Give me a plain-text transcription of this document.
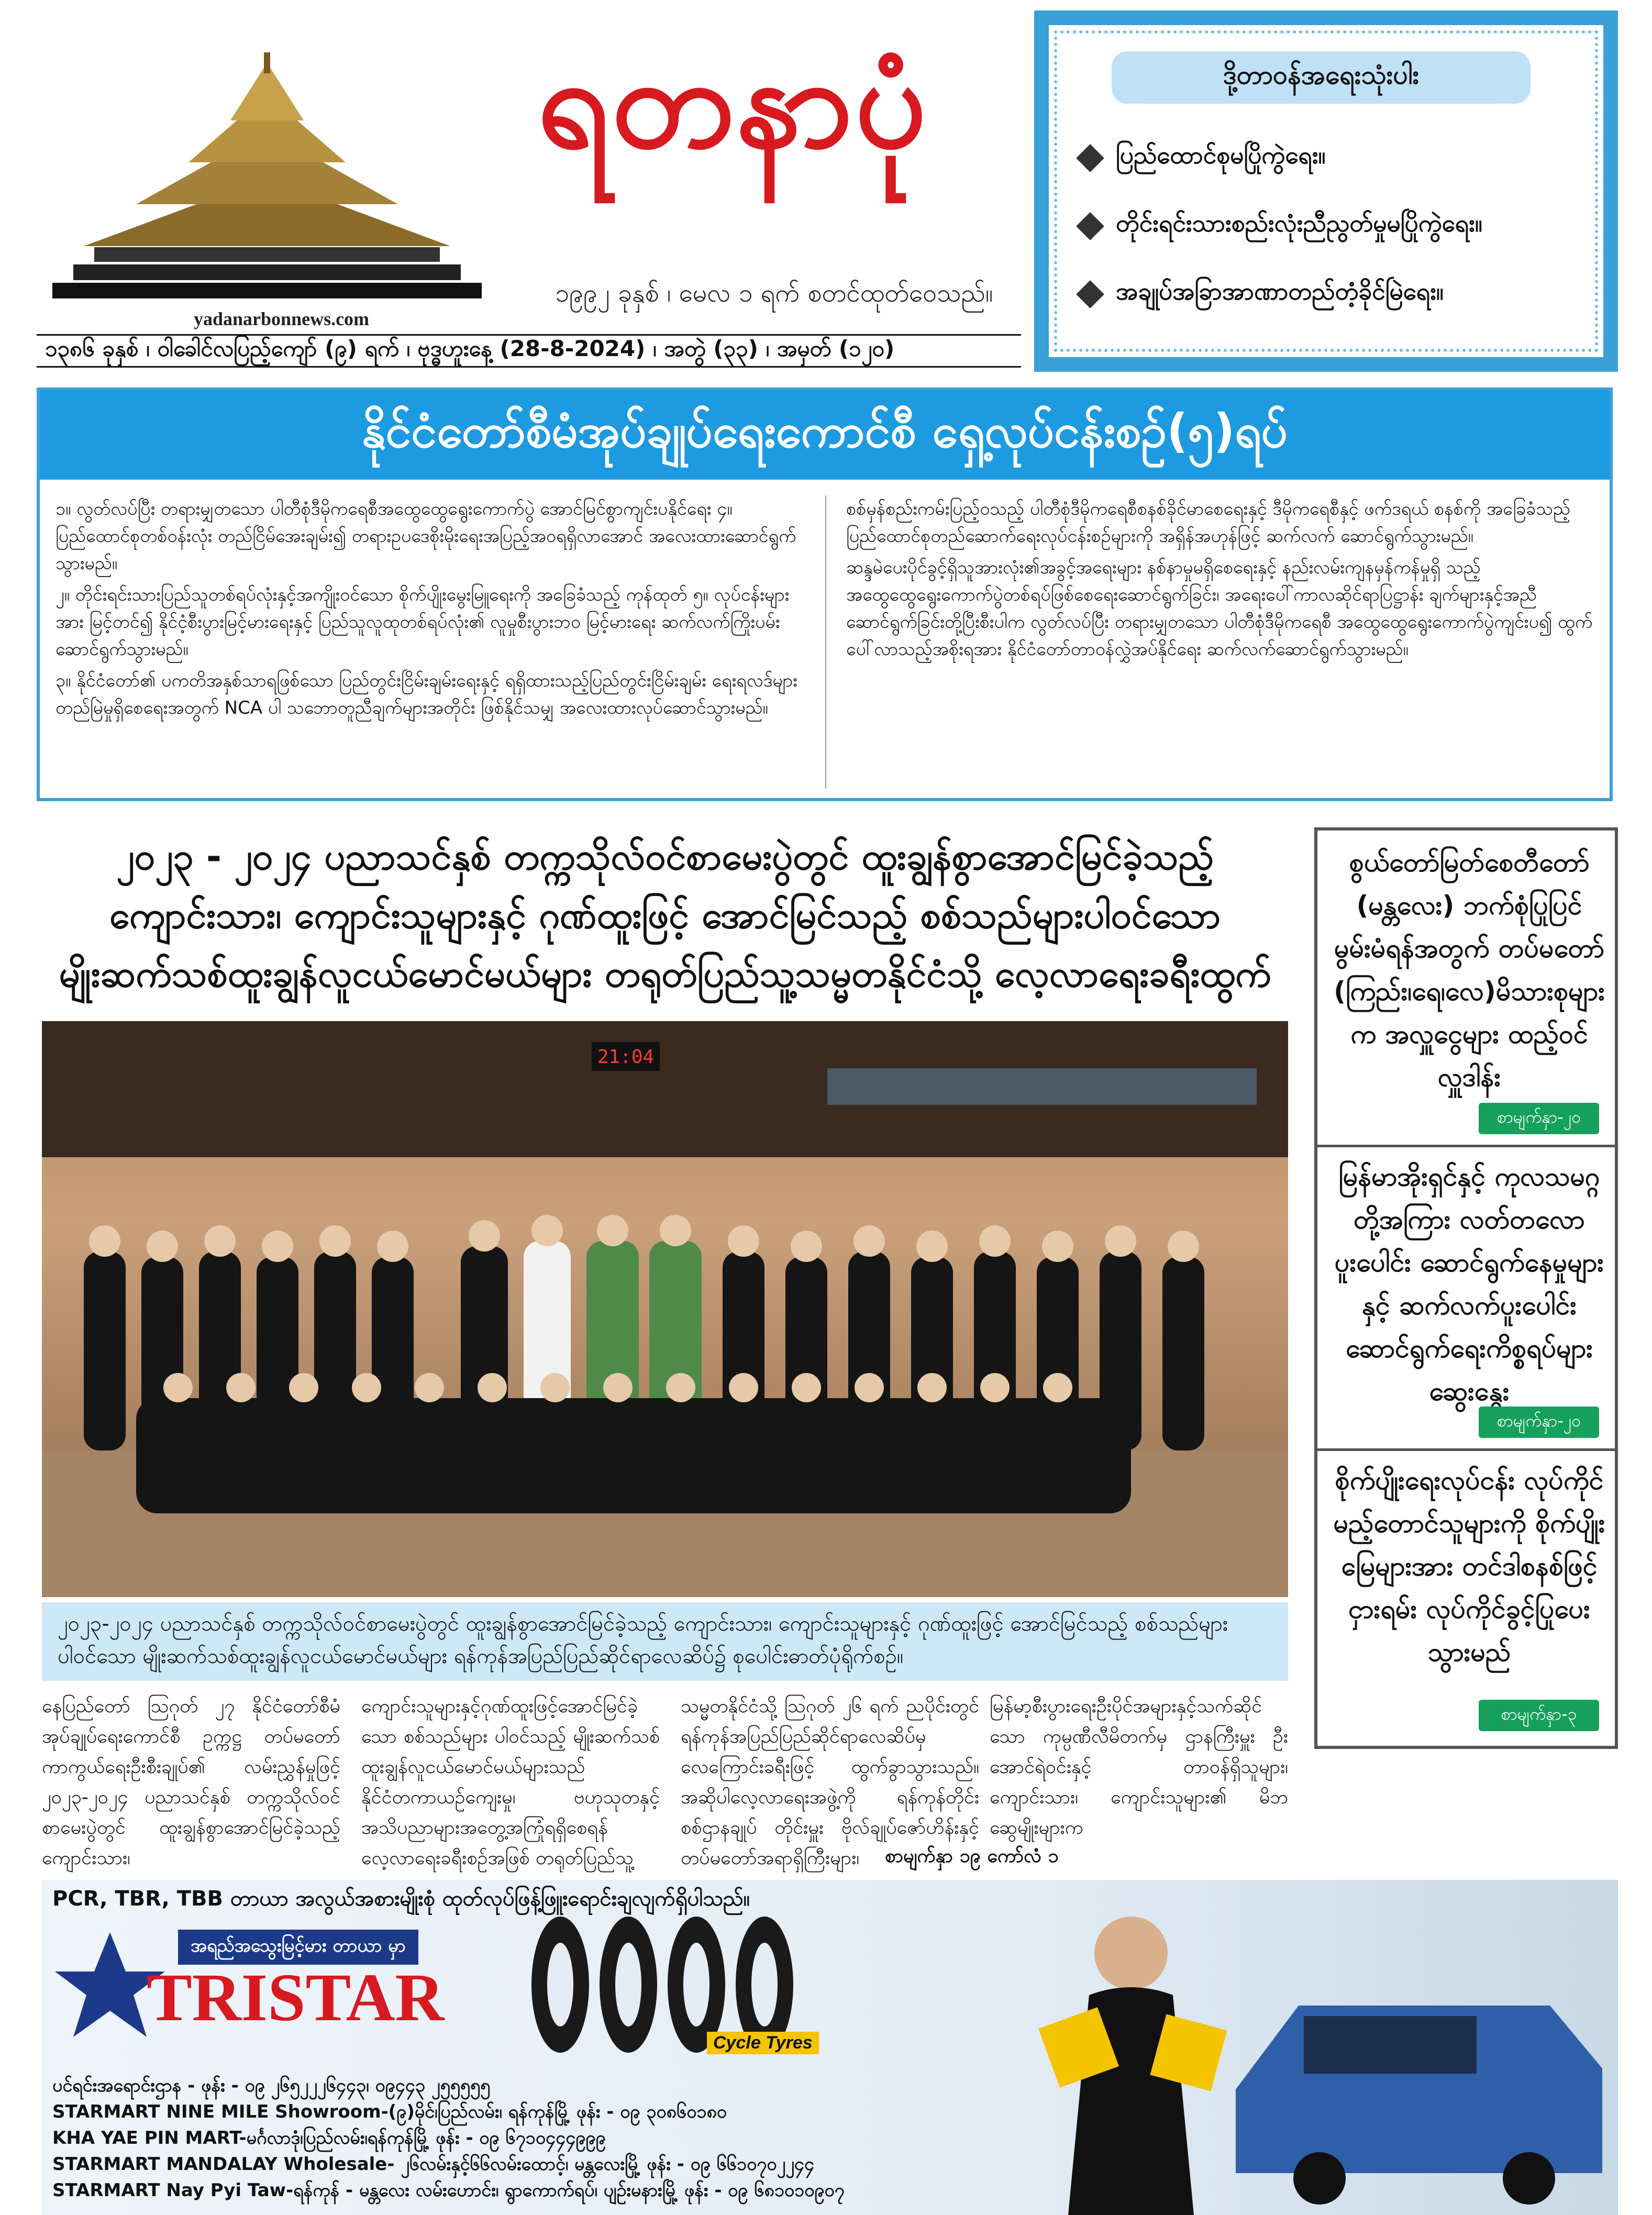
ရတနာပုံ
၁၉၉၂ ခုနှစ် ၊ မေလ ၁ ရက် စတင်ထုတ်ဝေသည်။
yadanarbonnews.com
၁၃၈၆ ခုနှစ် ၊ ဝါခေါင်လပြည့်ကျော် (၉) ရက် ၊ ဗုဒ္ဓဟူးနေ့ (28-8-2024) ၊ အတွဲ (၃၃) ၊ အမှတ် (၁၂၀)
ဒို့တာဝန်အရေးသုံးပါး
ပြည်ထောင်စုမပြိုကွဲရေး။
တိုင်းရင်းသားစည်းလုံးညီညွတ်မှုမပြိုကွဲရေး။
အချုပ်အခြာအာဏာတည်တံ့ခိုင်မြဲရေး။
နိုင်ငံတော်စီမံအုပ်ချုပ်ရေးကောင်စီ ရှေ့လုပ်ငန်းစဉ်(၅)ရပ်

၁။ လွတ်လပ်ပြီး တရားမျှတသော ပါတီစုံဒီမိုကရေစီအထွေထွေရွေးကောက်ပွဲ အောင်မြင်စွာကျင်းပနိုင်ရေး ၄။ ပြည်ထောင်စုတစ်ဝန်းလုံး တည်ငြိမ်အေးချမ်း၍ တရားဥပဒေစိုးမိုးရေးအပြည့်အဝရရှိလာအောင် အလေးထားဆောင်ရွက်သွားမည်။

၂။ တိုင်းရင်းသားပြည်သူတစ်ရပ်လုံးနှင့်အကျိုးဝင်သော စိုက်ပျိုးမွေးမြူရေးကို အခြေခံသည့် ကုန်ထုတ် ၅။ လုပ်ငန်းများအား မြင့်တင်၍ နိုင်ငံ့စီးပွားမြင့်မားရေးနှင့် ပြည်သူလူထုတစ်ရပ်လုံး၏ လူမှုစီးပွားဘဝ မြင့်မားရေး ဆက်လက်ကြိုးပမ်းဆောင်ရွက်သွားမည်။

၃။ နိုင်ငံတော်၏ ပကတိအနှစ်သာရဖြစ်သော ပြည်တွင်းငြိမ်းချမ်းရေးနှင့် ရရှိထားသည့်ပြည်တွင်းငြိမ်းချမ်း ရေးရလဒ်များ တည်မြဲမှုရှိစေရေးအတွက် NCA ပါ သဘောတူညီချက်များအတိုင်း ဖြစ်နိုင်သမျှ အလေးထားလုပ်ဆောင်သွားမည်။

စစ်မှန်စည်းကမ်းပြည့်ဝသည့် ပါတီစုံဒီမိုကရေစီစနစ်ခိုင်မာစေရေးနှင့် ဒီမိုကရေစီနှင့် ဖက်ဒရယ် စနစ်ကို အခြေခံသည့် ပြည်ထောင်စုတည်ဆောက်ရေးလုပ်ငန်းစဉ်များကို အရှိန်အဟုန်ဖြင့် ဆက်လက် ဆောင်ရွက်သွားမည်။

ဆန္ဒမဲပေးပိုင်ခွင့်ရှိသူအားလုံး၏အခွင့်အရေးများ နစ်နာမှုမရှိစေရေးနှင့် နည်းလမ်းကျနမှန်ကန်မှုရှိ သည့် အထွေထွေရွေးကောက်ပွဲတစ်ရပ်ဖြစ်စေရေးဆောင်ရွက်ခြင်း၊ အရေးပေါ်ကာလဆိုင်ရာပြဋ္ဌာန်း ချက်များနှင့်အညီ ဆောင်ရွက်ခြင်းတို့ပြီးစီးပါက လွတ်လပ်ပြီး တရားမျှတသော ပါတီစုံဒီမိုကရေစီ အထွေထွေရွေးကောက်ပွဲကျင်းပ၍ ထွက်ပေါ်လာသည့်အစိုးရအား နိုင်ငံတော်တာဝန်လွှဲအပ်နိုင်ရေး ဆက်လက်ဆောင်ရွက်သွားမည်။

၂၀၂၃ - ၂၀၂၄ ပညာသင်နှစ် တက္ကသိုလ်ဝင်စာမေးပွဲတွင် ထူးချွန်စွာအောင်မြင်ခဲ့သည့်
ကျောင်းသား၊ ကျောင်းသူများနှင့် ဂုဏ်ထူးဖြင့် အောင်မြင်သည့် စစ်သည်များပါဝင်သော
မျိုးဆက်သစ်ထူးချွန်လူငယ်မောင်မယ်များ တရုတ်ပြည်သူ့သမ္မတနိုင်ငံသို့ လေ့လာရေးခရီးထွက်
21:04
၂၀၂၃-၂၀၂၄ ပညာသင်နှစ် တက္ကသိုလ်ဝင်စာမေးပွဲတွင် ထူးချွန်စွာအောင်မြင်ခဲ့သည့် ကျောင်းသား၊ ကျောင်းသူများနှင့် ဂုဏ်ထူးဖြင့် အောင်မြင်သည့် စစ်သည်များ ပါဝင်သော မျိုးဆက်သစ်ထူးချွန်လူငယ်မောင်မယ်များ ရန်ကုန်အပြည်ပြည်ဆိုင်ရာလေဆိပ်၌ စုပေါင်းဓာတ်ပုံရိုက်စဉ်။
နေပြည်တော် ဩဂုတ် ၂၇ နိုင်ငံတော်စီမံအုပ်ချုပ်ရေးကောင်စီ ဥက္ကဋ္ဌ တပ်မတော်ကာကွယ်ရေးဦးစီးချုပ်၏ လမ်းညွှန်မှုဖြင့် ၂၀၂၃-၂၀၂၄ ပညာသင်နှစ် တက္ကသိုလ်ဝင်စာမေးပွဲတွင် ထူးချွန်စွာအောင်မြင်ခဲ့သည့်ကျောင်းသား၊
ကျောင်းသူများနှင့်ဂုဏ်ထူးဖြင့်အောင်မြင်ခဲ့သော စစ်သည်များ ပါဝင်သည့် မျိုးဆက်သစ် ထူးချွန်လူငယ်မောင်မယ်များသည် နိုင်ငံတကာယဉ်ကျေးမှု၊ ဗဟုသုတနှင့် အသိပညာများအတွေ့အကြုံရရှိစေရန် လေ့လာရေးခရီးစဉ်အဖြစ် တရုတ်ပြည်သူ့
သမ္မတနိုင်ငံသို့ ဩဂုတ် ၂၆ ရက် ညပိုင်းတွင် ရန်ကုန်အပြည်ပြည်ဆိုင်ရာလေဆိပ်မှ လေကြောင်းခရီးဖြင့် ထွက်ခွာသွားသည်။ အဆိုပါလေ့လာရေးအဖွဲ့ကို ရန်ကုန်တိုင်းစစ်ဌာနချုပ် တိုင်းမှူး ဗိုလ်ချုပ်ဇော်ဟိန်းနှင့် တပ်မတော်အရာရှိကြီးများ၊
မြန်မာ့စီးပွားရေးဦးပိုင်အများနှင့်သက်ဆိုင်သော ကုမ္ပဏီလီမိတက်မှ ဌာနကြီးမှူး ဦးအောင်ရဲဝင်းနှင့် တာဝန်ရှိသူများ၊ ကျောင်းသား၊ ကျောင်းသူများ၏ မိဘ ဆွေမျိုးများက
စာမျက်နှာ ၁၉ ကော်လံ ၁
စွယ်တော်မြတ်စေတီတော် (မန္တလေး) ဘက်စုံပြုပြင် မွမ်းမံရန်အတွက် တပ်မတော် (ကြည်း၊ရေ၊လေ)မိသားစုများက အလှူငွေများ ထည့်ဝင်လှူဒါန်း
စာမျက်နှာ-၂၀
မြန်မာအိုးရှင်နှင့် ကုလသမဂ္ဂတို့အကြား လတ်တလော ပူးပေါင်း ဆောင်ရွက်နေမှုများနှင့် ဆက်လက်ပူးပေါင်း ဆောင်ရွက်ရေးကိစ္စရပ်များ ဆွေးနွေး
စာမျက်နှာ-၂၀
စိုက်ပျိုးရေးလုပ်ငန်း လုပ်ကိုင်မည့်တောင်သူများကို စိုက်ပျိုးမြေများအား တင်ဒါစနစ်ဖြင့် ငှားရမ်း လုပ်ကိုင်ခွင့်ပြုပေးသွားမည်
စာမျက်နှာ-၃
PCR, TBR, TBB တာယာ အလွယ်အစားမျိုးစုံ ထုတ်လုပ်ဖြန့်ဖြူးရောင်းချလျက်ရှိပါသည်။
အရည်အသွေးမြင့်မား တာယာ မှာ
TRISTAR
Cycle Tyres
ပင်ရင်းအရောင်းဌာန - ဖုန်း - ၀၉ ၂၆၅၂၂၂၆၄၄၃၊ ၀၉၄၄၃ ၂၅၅၅၅၅
STARMART NINE MILE Showroom-(၉)မိုင်၊ပြည်လမ်း၊ ရန်ကုန်မြို့ ဖုန်း - ၀၉ ၃၀၈၆၀၁၈၀
KHA YAE PIN MART-မင်္ဂလာဒုံ၊ပြည်လမ်း၊ရန်ကုန်မြို့ ဖုန်း - ၀၉ ၆၇၁၀၄၄၄၉၉၉
STARMART MANDALAY Wholesale- ၂၆လမ်းနှင့်၆၆လမ်းထောင့်၊ မန္တလေးမြို့ ဖုန်း - ၀၉ ၆၆၁၀၇၀၂၂၄၄
STARMART Nay Pyi Taw-ရန်ကုန် - မန္တလေး လမ်းဟောင်း၊ ရွာကောက်ရပ်၊ ပျဉ်းမနားမြို့ ဖုန်း - ၀၉ ၆၈၁၀၁၀၉၀၇
